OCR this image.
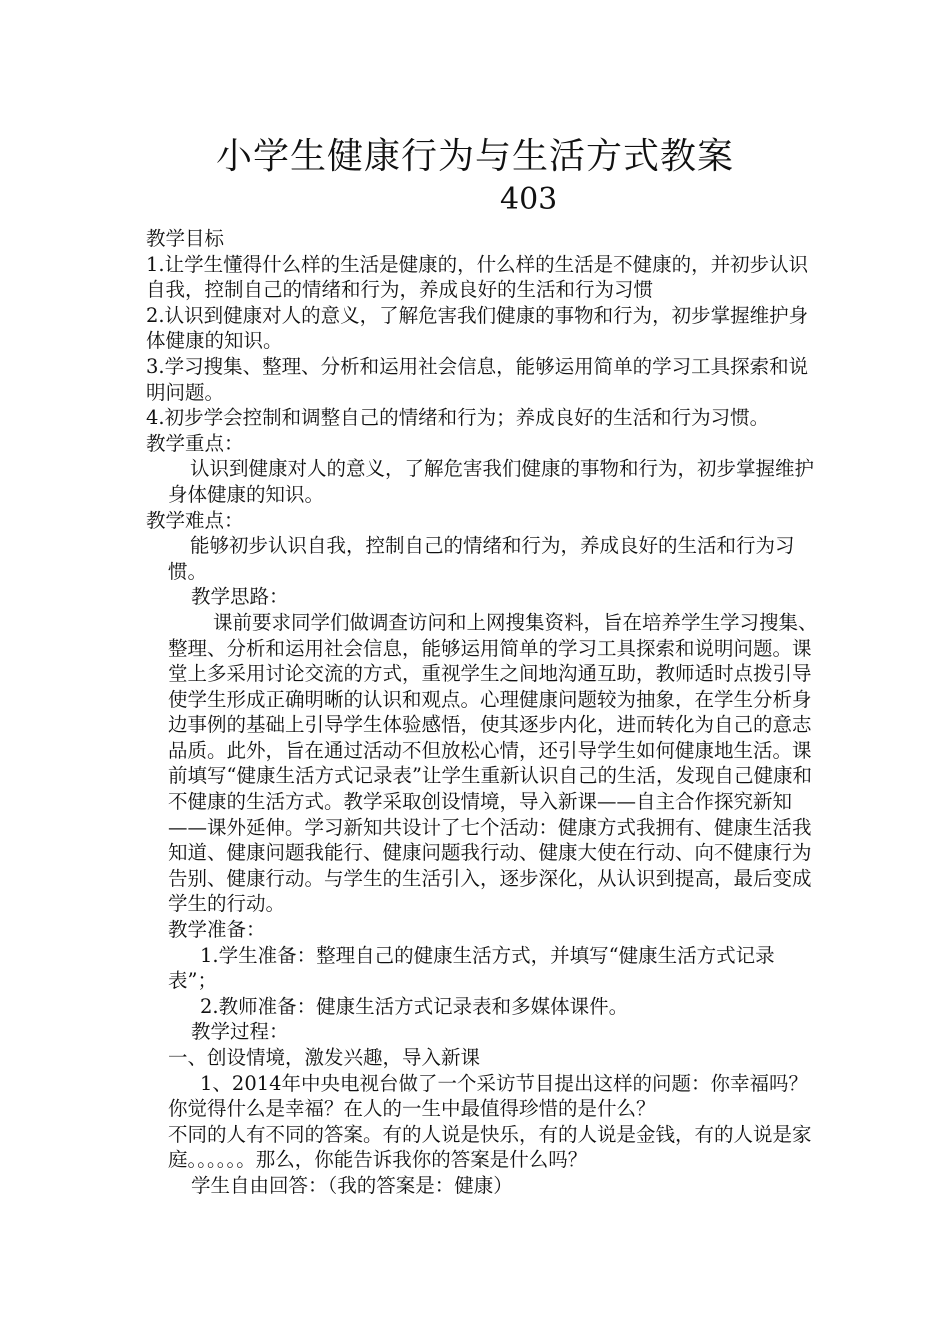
小学生健康行为与生活方式教案
403

教学目标

1.让学生懂得什么样的生活是健康的，什么样的生活是不健康的，并初步认识自我，控制自己的情绪和行为，养成良好的生活和行为习惯

2.认识到健康对人的意义，了解危害我们健康的事物和行为，初步掌握维护身体健康的知识。

3.学习搜集、整理、分析和运用社会信息，能够运用简单的学习工具探索和说明问题。

4.初步学会控制和调整自己的情绪和行为；养成良好的生活和行为习惯。

教学重点：

认识到健康对人的意义，了解危害我们健康的事物和行为，初步掌握维护身体健康的知识。

教学难点：

能够初步认识自我，控制自己的情绪和行为，养成良好的生活和行为习惯。

教学思路：

课前要求同学们做调查访问和上网搜集资料，旨在培养学生学习搜集、整理、分析和运用社会信息，能够运用简单的学习工具探索和说明问题。课堂上多采用讨论交流的方式，重视学生之间地沟通互助，教师适时点拨引导使学生形成正确明晰的认识和观点。心理健康问题较为抽象，在学生分析身边事例的基础上引导学生体验感悟，使其逐步内化，进而转化为自己的意志品质。此外，旨在通过活动不但放松心情，还引导学生如何健康地生活。课前填写“健康生活方式记录表”让学生重新认识自己的生活，发现自己健康和不健康的生活方式。教学采取创设情境，导入新课——自主合作探究新知——课外延伸。学习新知共设计了七个活动：健康方式我拥有、健康生活我知道、健康问题我能行、健康问题我行动、健康大使在行动、向不健康行为告别、健康行动。与学生的生活引入，逐步深化，从认识到提高，最后变成学生的行动。

教学准备：

1.学生准备：整理自己的健康生活方式，并填写“健康生活方式记录表”；

2.教师准备：健康生活方式记录表和多媒体课件。

教学过程：

一、创设情境，激发兴趣，导入新课

1、2014年中央电视台做了一个采访节目提出这样的问题：你幸福吗？你觉得什么是幸福？在人的一生中最值得珍惜的是什么？

不同的人有不同的答案。有的人说是快乐，有的人说是金钱，有的人说是家庭。。。。。。那么，你能告诉我你的答案是什么吗？

学生自由回答：（我的答案是：健康）
